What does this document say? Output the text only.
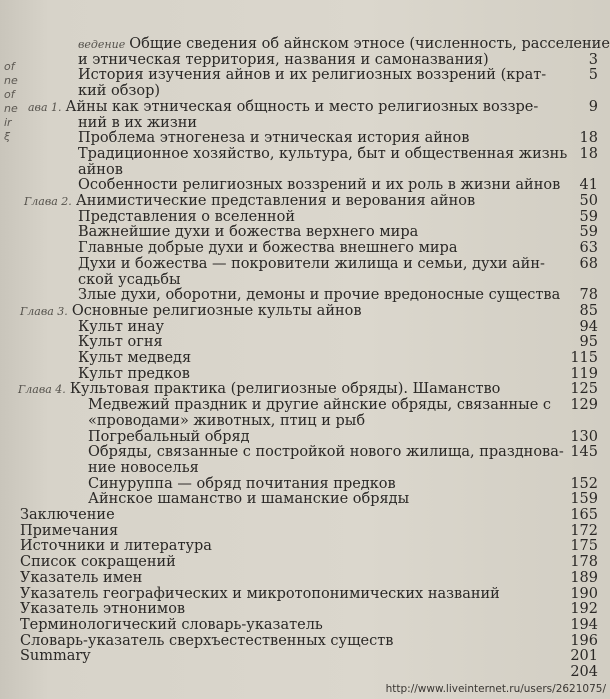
of
ne
of
ne
ir
ξ
ведение Общие сведения об айнском этносе (численность, расселение
и этническая территория, названия и самоназвания)	3
История изучения айнов и их религиозных воззрений (крат-	5
кий обзор)
ава 1. Айны как этническая общность и место религиозных воззре-	9
ний в их жизни
Проблема этногенеза и этническая история айнов	18
Традиционное хозяйство, культура, быт и общественная жизнь 18
айнов
Особенности религиозных воззрений и их роль в жизни айнов	41
Глава 2. Анимистические представления и верования айнов	50
Представления о вселенной	59
Важнейшие духи и божества верхнего мира	59
Главные добрые духи и божества внешнего мира	63
Духи и божества — покровители жилища и семьи, духи айн-	68
ской усадьбы
Злые духи, оборотни, демоны и прочие вредоносные существа	78
Глава 3. Основные религиозные культы айнов	85
Культ инау	94
Культ огня	95
Культ медведя	115
Культ предков	119
Глава 4. Культовая практика (религиозные обряды). Шаманство	125
Медвежий праздник и другие айнские обряды, связанные с	129
«проводами» животных, птиц и рыб
Погребальный обряд	130
Обряды, связанные с постройкой нового жилища, празднова- 145
ние новоселья
Синуруппа — обряд почитания предков	152
Айнское шаманство и шаманские обряды	159
Заключение	165
Примечания	172
Источники и литература	175
Список сокращений	178
Указатель имен	189
Указатель географических и микротопонимических названий	190
Указатель этнонимов	192
Терминологический словарь-указатель	194
Словарь-указатель сверхъестественных существ	196
Summary	201
204
http://www.liveinternet.ru/users/2621075/
